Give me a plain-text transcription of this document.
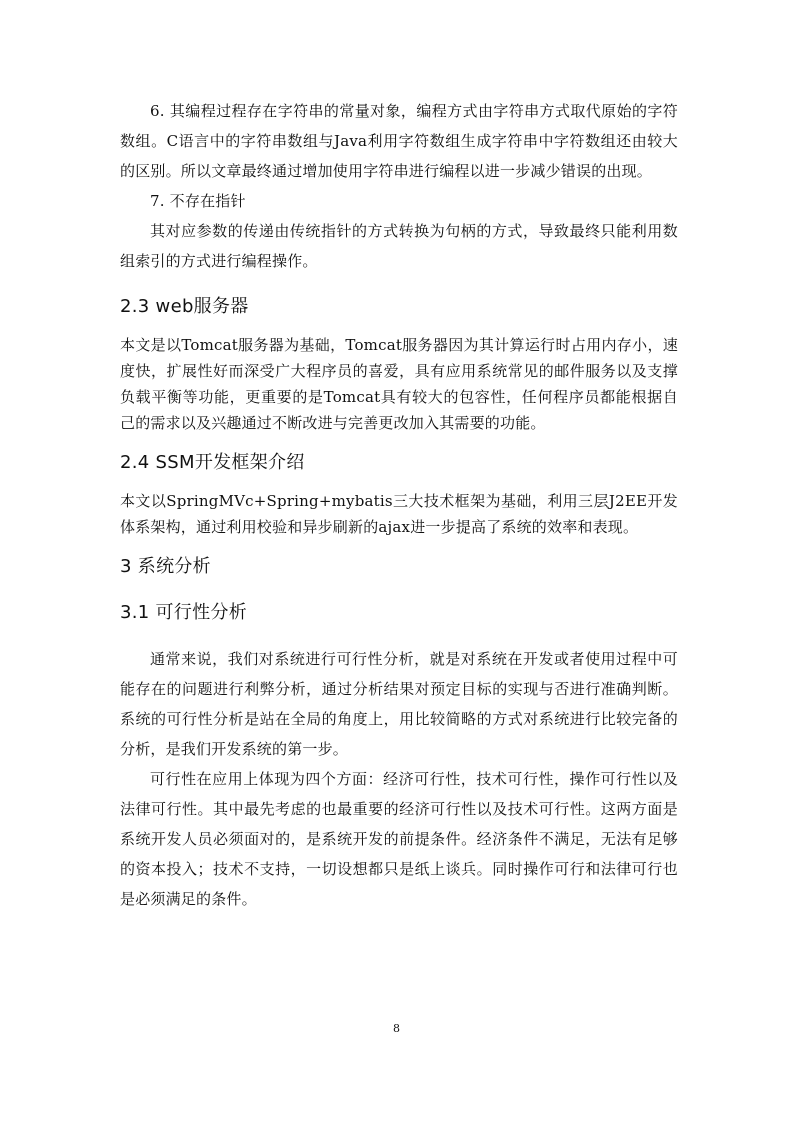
6. 其编程过程存在字符串的常量对象，编程方式由字符串方式取代原始的字符数组。C语言中的字符串数组与Java利用字符数组生成字符串中字符数组还由较大的区别。所以文章最终通过增加使用字符串进行编程以进一步减少错误的出现。

7. 不存在指针

其对应参数的传递由传统指针的方式转换为句柄的方式，导致最终只能利用数组索引的方式进行编程操作。

2.3 web服务器

本文是以Tomcat服务器为基础，Tomcat服务器因为其计算运行时占用内存小，速度快，扩展性好而深受广大程序员的喜爱，具有应用系统常见的邮件服务以及支撑负载平衡等功能，更重要的是Tomcat具有较大的包容性，任何程序员都能根据自己的需求以及兴趣通过不断改进与完善更改加入其需要的功能。

2.4 SSM开发框架介绍

本文以SpringMVc+Spring+mybatis三大技术框架为基础，利用三层J2EE开发体系架构，通过利用校验和异步刷新的ajax进一步提高了系统的效率和表现。

3 系统分析
3.1 可行性分析

通常来说，我们对系统进行可行性分析，就是对系统在开发或者使用过程中可能存在的问题进行利弊分析，通过分析结果对预定目标的实现与否进行准确判断。系统的可行性分析是站在全局的角度上，用比较简略的方式对系统进行比较完备的分析，是我们开发系统的第一步。

可行性在应用上体现为四个方面：经济可行性，技术可行性，操作可行性以及法律可行性。其中最先考虑的也最重要的经济可行性以及技术可行性。这两方面是系统开发人员必须面对的，是系统开发的前提条件。经济条件不满足，无法有足够的资本投入；技术不支持，一切设想都只是纸上谈兵。同时操作可行和法律可行也是必须满足的条件。

8
